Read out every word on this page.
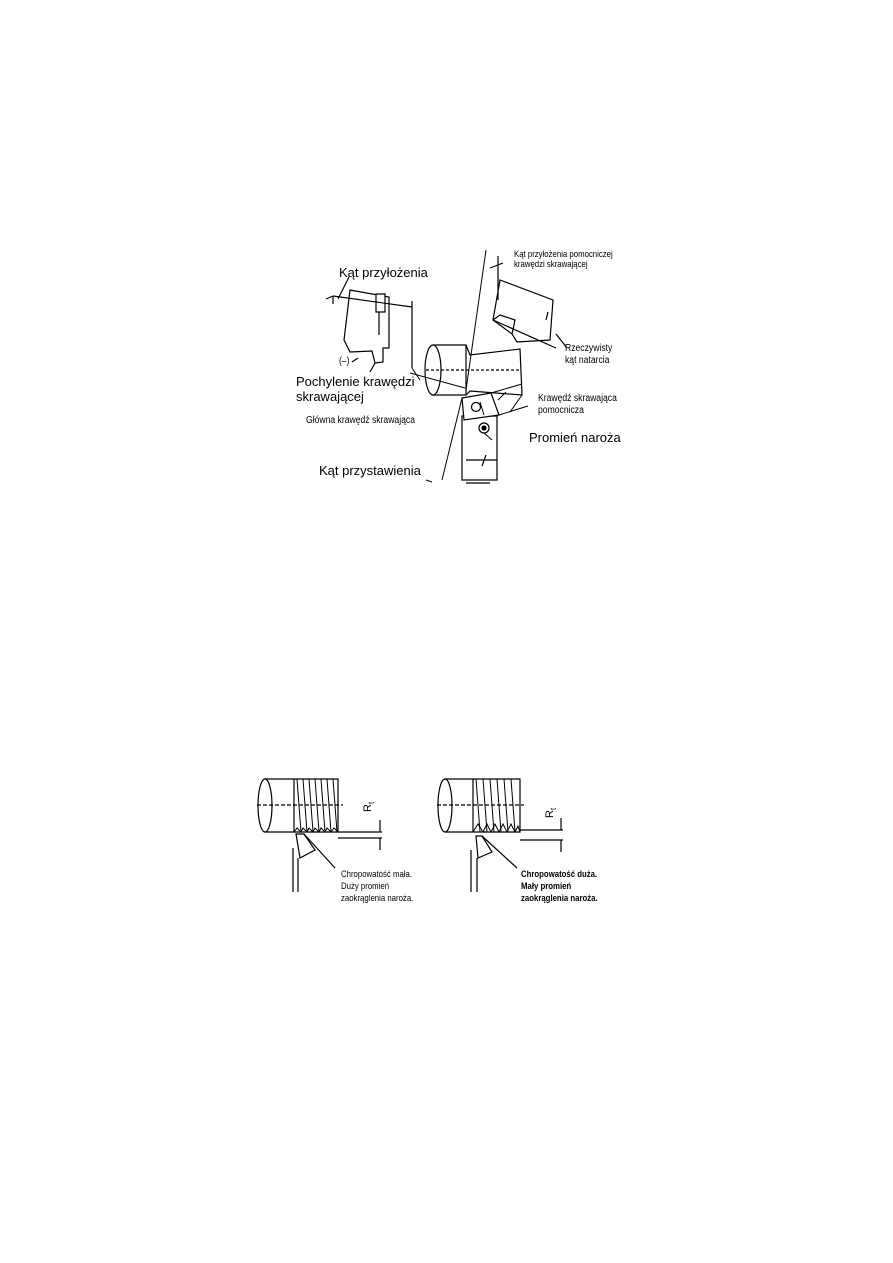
Kąt przyłożenia
Kąt przyłożenia pomocniczej
krawędzi skrawającej
(–)
Rzeczywisty
kąt natarcia
Pochylenie krawędzi
skrawającej	Krawędź skrawająca
pomocnicza
Główna krawędź skrawająca
Promień naroża
Kąt przystawienia
$R_t$
$R_t$
Chropowatość mała.
Duży promień
zaokrąglenia naroża.
Chropowatość duża.
Mały promień
zaokrąglenia naroża.
